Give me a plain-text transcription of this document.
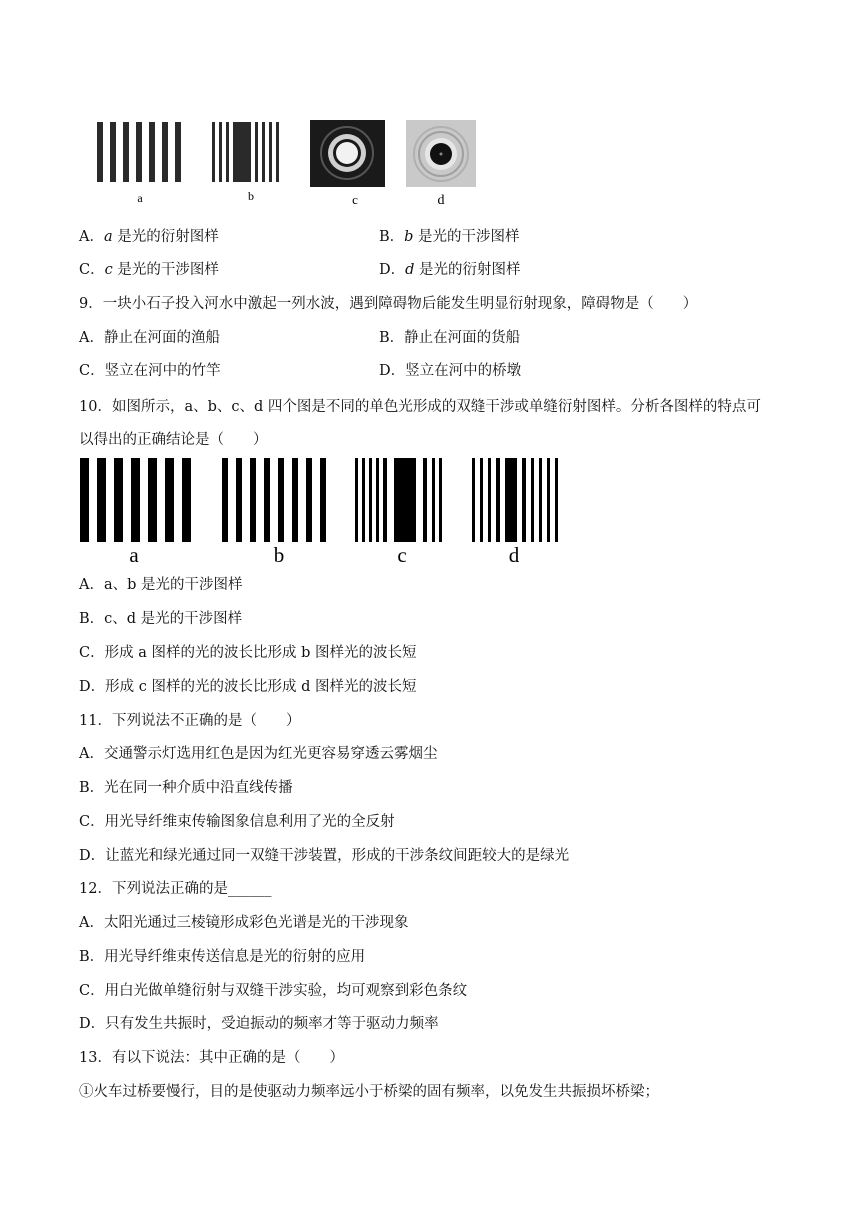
a	b	c	d
A．a 是光的衍射图样	B．b 是光的干涉图样
C．c 是光的干涉图样	D．d 是光的衍射图样
9．一块小石子投入河水中激起一列水波，遇到障碍物后能发生明显衍射现象，障碍物是（　　）
A．静止在河面的渔船	B．静止在河面的货船
C．竖立在河中的竹竿	D．竖立在河中的桥墩
10．如图所示，a、b、c、d 四个图是不同的单色光形成的双缝干涉或单缝衍射图样。分析各图样的特点可
以得出的正确结论是（　　）
a	b	c	d
A．a、b 是光的干涉图样
B．c、d 是光的干涉图样
C．形成 a 图样的光的波长比形成 b 图样光的波长短
D．形成 c 图样的光的波长比形成 d 图样光的波长短
11．下列说法不正确的是（　　）
A．交通警示灯选用红色是因为红光更容易穿透云雾烟尘
B．光在同一种介质中沿直线传播
C．用光导纤维束传输图象信息利用了光的全反射
D．让蓝光和绿光通过同一双缝干涉装置，形成的干涉条纹间距较大的是绿光
12．下列说法正确的是______
A．太阳光通过三棱镜形成彩色光谱是光的干涉现象
B．用光导纤维束传送信息是光的衍射的应用
C．用白光做单缝衍射与双缝干涉实验，均可观察到彩色条纹
D．只有发生共振时，受迫振动的频率才等于驱动力频率
13．有以下说法：其中正确的是（　　）
①火车过桥要慢行，目的是使驱动力频率远小于桥梁的固有频率，以免发生共振损坏桥梁；
